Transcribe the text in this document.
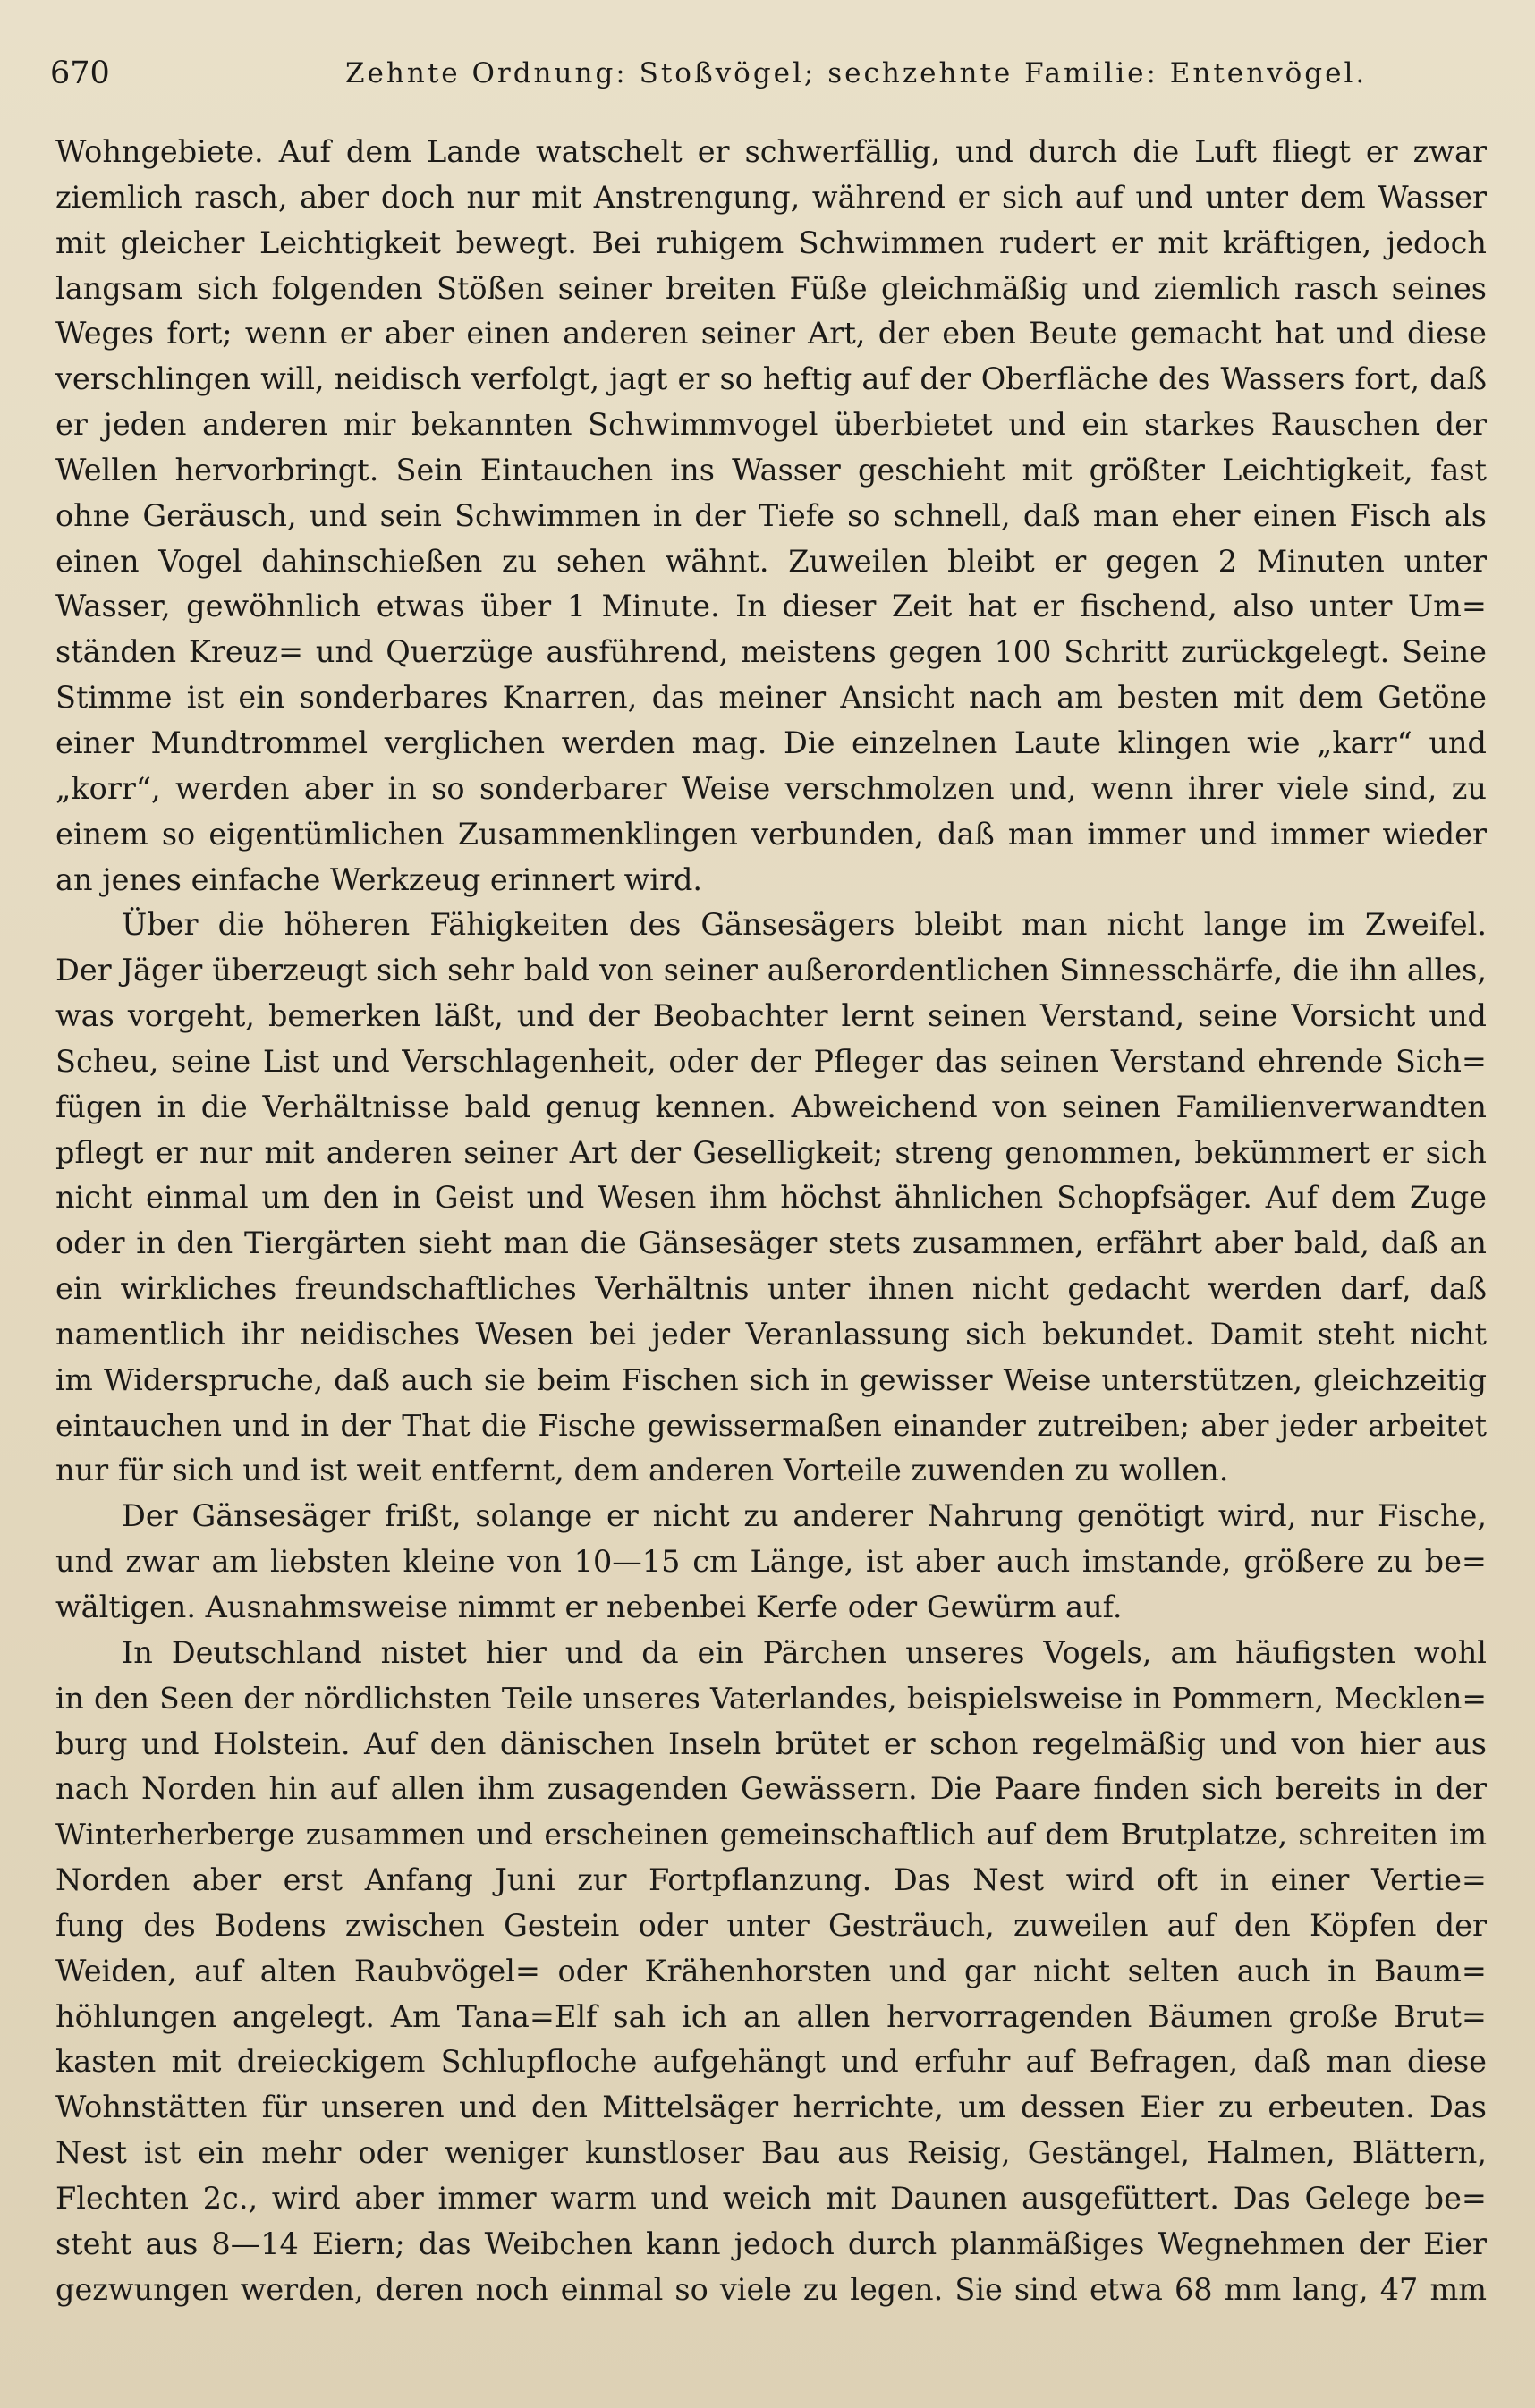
670	Zehnte Ordnung: Stoßvögel; sechzehnte Familie: Entenvögel.
Wohngebiete. Auf dem Lande watschelt er schwerfällig, und durch die Luft fliegt er zwar
ziemlich rasch, aber doch nur mit Anstrengung, während er sich auf und unter dem Wasser
mit gleicher Leichtigkeit bewegt. Bei ruhigem Schwimmen rudert er mit kräftigen, jedoch
langsam sich folgenden Stößen seiner breiten Füße gleichmäßig und ziemlich rasch seines
Weges fort; wenn er aber einen anderen seiner Art, der eben Beute gemacht hat und diese
verschlingen will, neidisch verfolgt, jagt er so heftig auf der Oberfläche des Wassers fort, daß
er jeden anderen mir bekannten Schwimmvogel überbietet und ein starkes Rauschen der
Wellen hervorbringt. Sein Eintauchen ins Wasser geschieht mit größter Leichtigkeit, fast
ohne Geräusch, und sein Schwimmen in der Tiefe so schnell, daß man eher einen Fisch als
einen Vogel dahinschießen zu sehen wähnt. Zuweilen bleibt er gegen 2 Minuten unter
Wasser, gewöhnlich etwas über 1 Minute. In dieser Zeit hat er fischend, also unter Um=
ständen Kreuz= und Querzüge ausführend, meistens gegen 100 Schritt zurückgelegt. Seine
Stimme ist ein sonderbares Knarren, das meiner Ansicht nach am besten mit dem Getöne
einer Mundtrommel verglichen werden mag. Die einzelnen Laute klingen wie „karr“ und
„korr“, werden aber in so sonderbarer Weise verschmolzen und, wenn ihrer viele sind, zu
einem so eigentümlichen Zusammenklingen verbunden, daß man immer und immer wieder
an jenes einfache Werkzeug erinnert wird.
Über die höheren Fähigkeiten des Gänsesägers bleibt man nicht lange im Zweifel.
Der Jäger überzeugt sich sehr bald von seiner außerordentlichen Sinnesschärfe, die ihn alles,
was vorgeht, bemerken läßt, und der Beobachter lernt seinen Verstand, seine Vorsicht und
Scheu, seine List und Verschlagenheit, oder der Pfleger das seinen Verstand ehrende Sich=
fügen in die Verhältnisse bald genug kennen. Abweichend von seinen Familienverwandten
pflegt er nur mit anderen seiner Art der Geselligkeit; streng genommen, bekümmert er sich
nicht einmal um den in Geist und Wesen ihm höchst ähnlichen Schopfsäger. Auf dem Zuge
oder in den Tiergärten sieht man die Gänsesäger stets zusammen, erfährt aber bald, daß an
ein wirkliches freundschaftliches Verhältnis unter ihnen nicht gedacht werden darf, daß
namentlich ihr neidisches Wesen bei jeder Veranlassung sich bekundet. Damit steht nicht
im Widerspruche, daß auch sie beim Fischen sich in gewisser Weise unterstützen, gleichzeitig
eintauchen und in der That die Fische gewissermaßen einander zutreiben; aber jeder arbeitet
nur für sich und ist weit entfernt, dem anderen Vorteile zuwenden zu wollen.
Der Gänsesäger frißt, solange er nicht zu anderer Nahrung genötigt wird, nur Fische,
und zwar am liebsten kleine von 10—15 cm Länge, ist aber auch imstande, größere zu be=
wältigen. Ausnahmsweise nimmt er nebenbei Kerfe oder Gewürm auf.
In Deutschland nistet hier und da ein Pärchen unseres Vogels, am häufigsten wohl
in den Seen der nördlichsten Teile unseres Vaterlandes, beispielsweise in Pommern, Mecklen=
burg und Holstein. Auf den dänischen Inseln brütet er schon regelmäßig und von hier aus
nach Norden hin auf allen ihm zusagenden Gewässern. Die Paare finden sich bereits in der
Winterherberge zusammen und erscheinen gemeinschaftlich auf dem Brutplatze, schreiten im
Norden aber erst Anfang Juni zur Fortpflanzung. Das Nest wird oft in einer Vertie=
fung des Bodens zwischen Gestein oder unter Gesträuch, zuweilen auf den Köpfen der
Weiden, auf alten Raubvögel= oder Krähenhorsten und gar nicht selten auch in Baum=
höhlungen angelegt. Am Tana=Elf sah ich an allen hervorragenden Bäumen große Brut=
kasten mit dreieckigem Schlupfloche aufgehängt und erfuhr auf Befragen, daß man diese
Wohnstätten für unseren und den Mittelsäger herrichte, um dessen Eier zu erbeuten. Das
Nest ist ein mehr oder weniger kunstloser Bau aus Reisig, Gestängel, Halmen, Blättern,
Flechten 2c., wird aber immer warm und weich mit Daunen ausgefüttert. Das Gelege be=
steht aus 8—14 Eiern; das Weibchen kann jedoch durch planmäßiges Wegnehmen der Eier
gezwungen werden, deren noch einmal so viele zu legen. Sie sind etwa 68 mm lang, 47 mm
